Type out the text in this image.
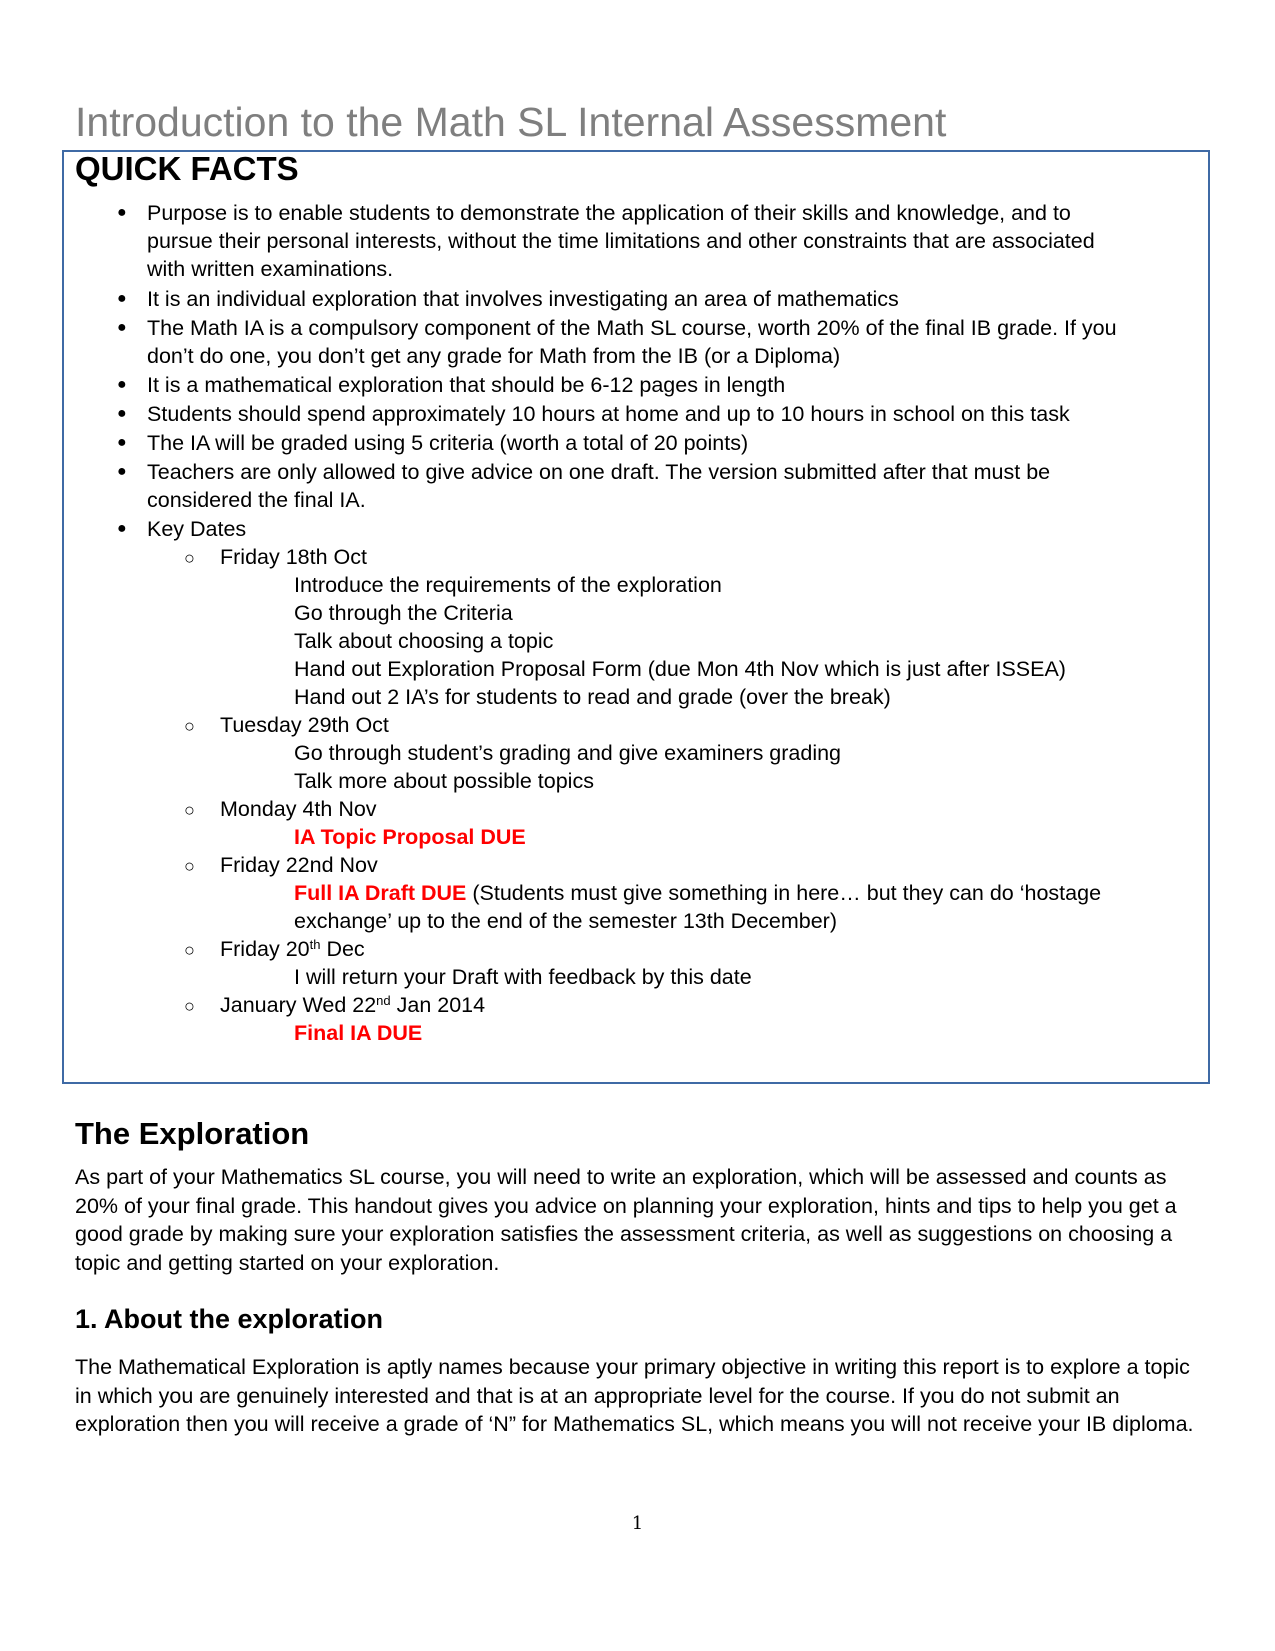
Introduction to the Math SL Internal Assessment
QUICK FACTS
● Purpose is to enable students to demonstrate the application of their skills and knowledge, and to
pursue their personal interests, without the time limitations and other constraints that are associated
with written examinations.
● It is an individual exploration that involves investigating an area of mathematics
● The Math IA is a compulsory component of the Math SL course, worth 20% of the final IB grade. If you
don’t do one, you don’t get any grade for Math from the IB (or a Diploma)
● It is a mathematical exploration that should be 6-12 pages in length
● Students should spend approximately 10 hours at home and up to 10 hours in school on this task
● The IA will be graded using 5 criteria (worth a total of 20 points)
● Teachers are only allowed to give advice on one draft. The version submitted after that must be
considered the final IA.
● Key Dates
○ Friday 18th Oct
Introduce the requirements of the exploration
Go through the Criteria
Talk about choosing a topic
Hand out Exploration Proposal Form (due Mon 4th Nov which is just after ISSEA)
Hand out 2 IA’s for students to read and grade (over the break)
○ Tuesday 29th Oct
Go through student’s grading and give examiners grading
Talk more about possible topics
○ Monday 4th Nov
IA Topic Proposal DUE
○ Friday 22nd Nov
Full IA Draft DUE (Students must give something in here… but they can do ‘hostage
exchange’ up to the end of the semester 13th December)
○ Friday 20th Dec
I will return your Draft with feedback by this date
○ January Wed 22nd Jan 2014
Final IA DUE
The Exploration

As part of your Mathematics SL course, you will need to write an exploration, which will be assessed and counts as 20% of your final grade. This handout gives you advice on planning your exploration, hints and tips to help you get a good grade by making sure your exploration satisfies the assessment criteria, as well as suggestions on choosing a topic and getting started on your exploration.

1. About the exploration

The Mathematical Exploration is aptly names because your primary objective in writing this report is to explore a topic in which you are genuinely interested and that is at an appropriate level for the course. If you do not submit an exploration then you will receive a grade of ‘N” for Mathematics SL, which means you will not receive your IB diploma.

1
